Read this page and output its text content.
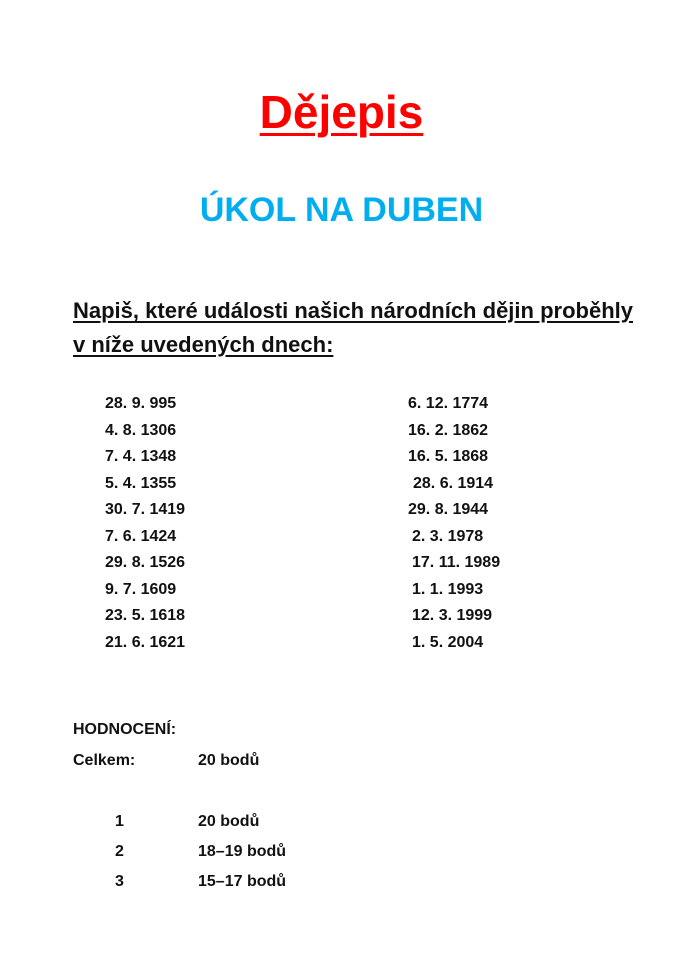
Dějepis
ÚKOL NA DUBEN

Napiš, které události našich národních dějin proběhly v níže uvedených dnech:

28. 9. 995
4. 8. 1306
7. 4. 1348
5. 4. 1355
30. 7. 1419
7. 6. 1424
29. 8. 1526
9. 7. 1609
23. 5. 1618
21. 6. 1621
6. 12. 1774
16. 2. 1862
16. 5. 1868
28. 6. 1914
29. 8. 1944
2. 3. 1978
17. 11. 1989
1. 1. 1993
12. 3. 1999
1. 5. 2004

HODNOCENÍ:

Celkem:	20 bodů
1	20 bodů
2	18–19 bodů
3	15–17 bodů
